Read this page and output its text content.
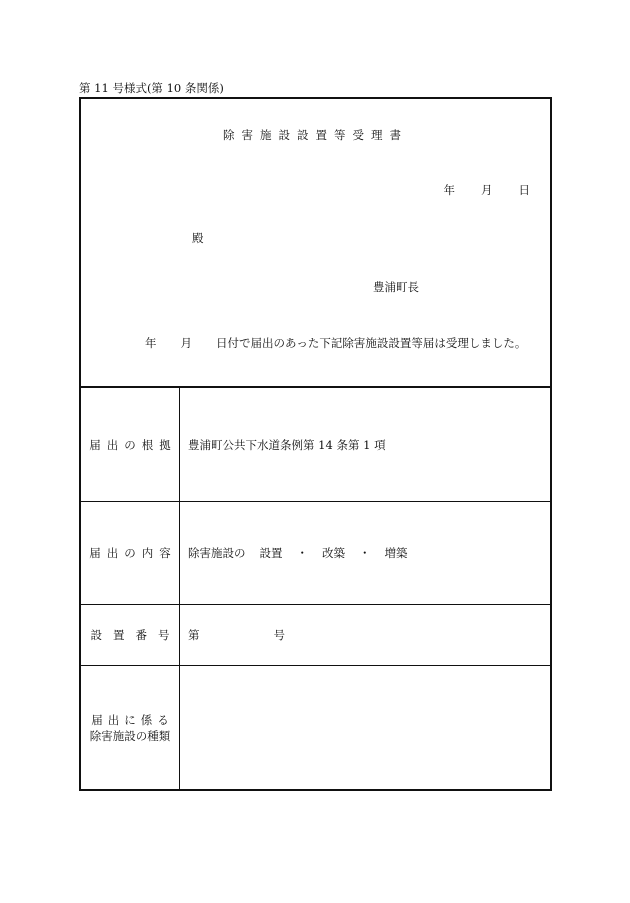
第 11 号様式(第 10 条関係)
除害施設設置等受理書
年 月 日
殿
豊浦町長
年 月 日付で届出のあった下記除害施設設置等届は受理しました。
届出の根拠 豊浦町公共下水道条例第 14 条第 1 項
届出の内容 除害施設の 設置 ・ 改築 ・ 増築
設置番号 第	号
届出に係る
除害施設の種類
